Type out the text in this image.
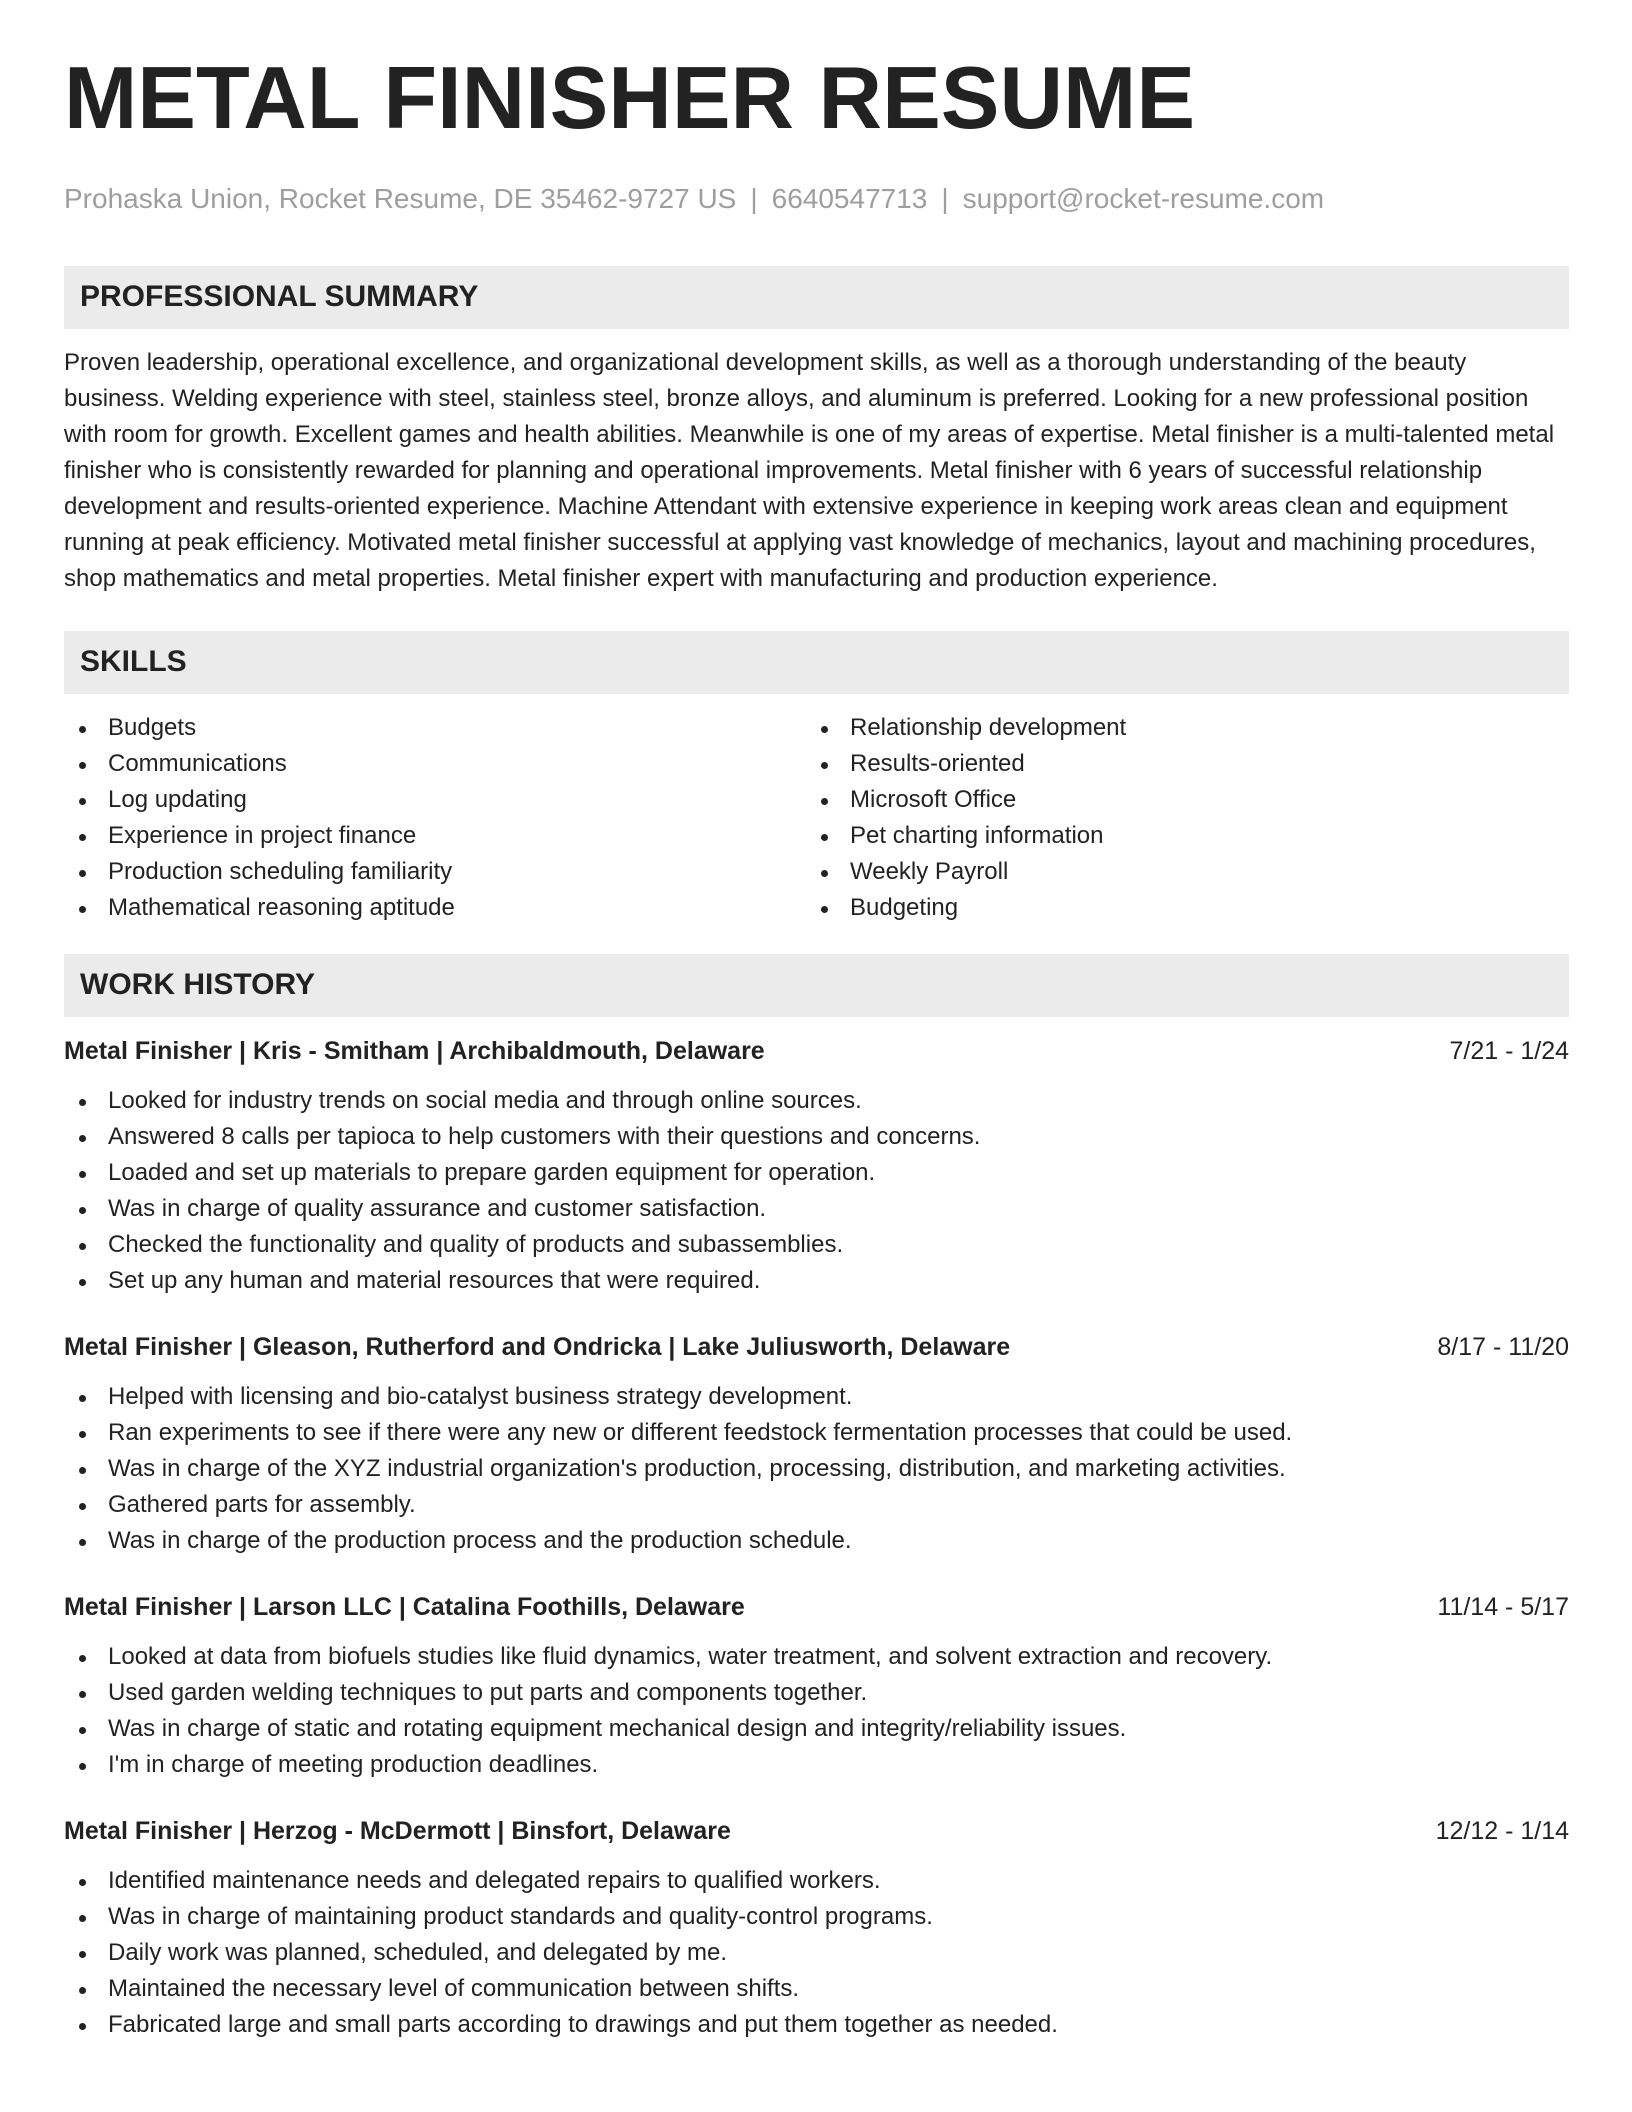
METAL FINISHER RESUME
Prohaska Union, Rocket Resume, DE 35462-9727 US | 6640547713 | support@rocket-resume.com
PROFESSIONAL SUMMARY

Proven leadership, operational excellence, and organizational development skills, as well as a thorough understanding of the beauty business. Welding experience with steel, stainless steel, bronze alloys, and aluminum is preferred. Looking for a new professional position with room for growth. Excellent games and health abilities. Meanwhile is one of my areas of expertise. Metal finisher is a multi-talented metal finisher who is consistently rewarded for planning and operational improvements. Metal finisher with 6 years of successful relationship development and results-oriented experience. Machine Attendant with extensive experience in keeping work areas clean and equipment running at peak efficiency. Motivated metal finisher successful at applying vast knowledge of mechanics, layout and machining procedures, shop mathematics and metal properties. Metal finisher expert with manufacturing and production experience.

SKILLS
Budgets
Communications
Log updating
Experience in project finance
Production scheduling familiarity
Mathematical reasoning aptitude
Relationship development
Results-oriented
Microsoft Office
Pet charting information
Weekly Payroll
Budgeting
WORK HISTORY
Metal Finisher | Kris - Smitham | Archibaldmouth, Delaware	7/21 - 1/24
Looked for industry trends on social media and through online sources.
Answered 8 calls per tapioca to help customers with their questions and concerns.
Loaded and set up materials to prepare garden equipment for operation.
Was in charge of quality assurance and customer satisfaction.
Checked the functionality and quality of products and subassemblies.
Set up any human and material resources that were required.
Metal Finisher | Gleason, Rutherford and Ondricka | Lake Juliusworth, Delaware	8/17 - 11/20
Helped with licensing and bio-catalyst business strategy development.
Ran experiments to see if there were any new or different feedstock fermentation processes that could be used.
Was in charge of the XYZ industrial organization's production, processing, distribution, and marketing activities.
Gathered parts for assembly.
Was in charge of the production process and the production schedule.
Metal Finisher | Larson LLC | Catalina Foothills, Delaware	11/14 - 5/17
Looked at data from biofuels studies like fluid dynamics, water treatment, and solvent extraction and recovery.
Used garden welding techniques to put parts and components together.
Was in charge of static and rotating equipment mechanical design and integrity/reliability issues.
I'm in charge of meeting production deadlines.
Metal Finisher | Herzog - McDermott | Binsfort, Delaware	12/12 - 1/14
Identified maintenance needs and delegated repairs to qualified workers.
Was in charge of maintaining product standards and quality-control programs.
Daily work was planned, scheduled, and delegated by me.
Maintained the necessary level of communication between shifts.
Fabricated large and small parts according to drawings and put them together as needed.
